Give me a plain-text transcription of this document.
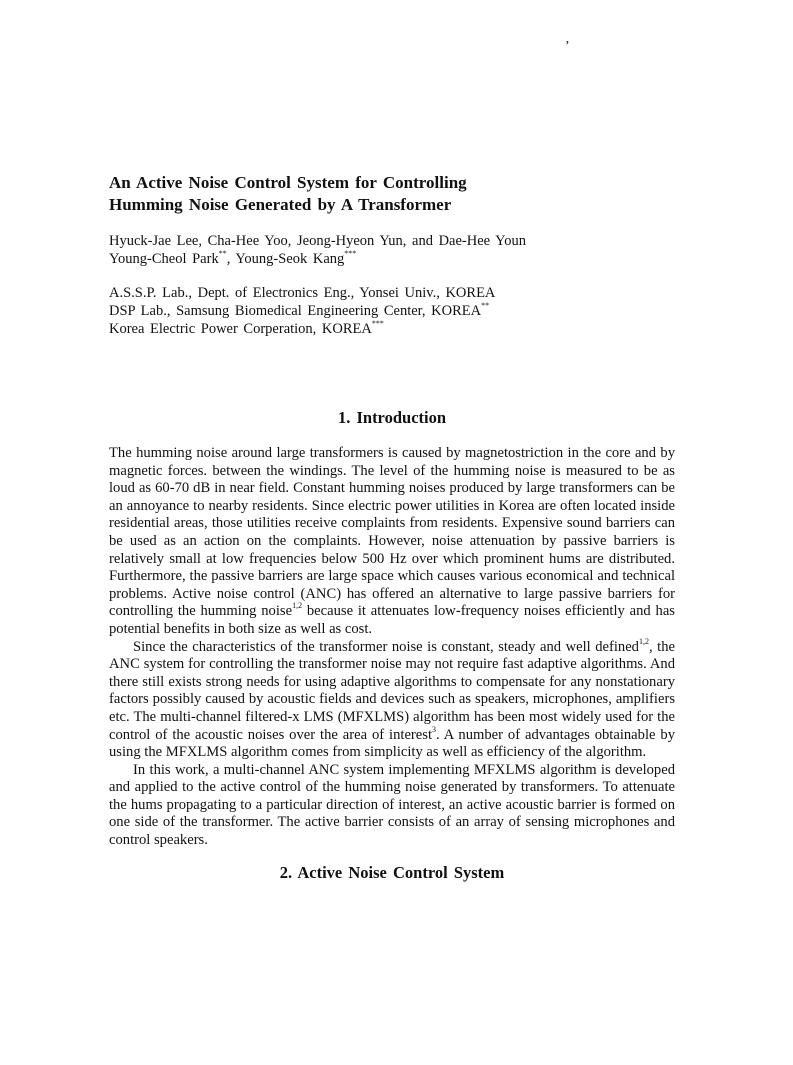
’

An Active Noise Control System for Controlling

Humming Noise Generated by A Transformer

Hyuck-Jae Lee, Cha-Hee Yoo, Jeong-Hyeon Yun, and Dae-Hee Youn
Young-Cheol Park**, Young-Seok Kang***
A.S.S.P. Lab., Dept. of Electronics Eng., Yonsei Univ., KOREA
DSP Lab., Samsung Biomedical Engineering Center, KOREA**
Korea Electric Power Corperation, KOREA***
1. Introduction

The humming noise around large transformers is caused by magnetostriction in the core and by magnetic forces. between the windings. The level of the humming noise is measured to be as loud as 60-70 dB in near field. Constant humming noises produced by large transformers can be an annoyance to nearby residents. Since electric power utilities in Korea are often located inside residential areas, those utilities receive complaints from residents. Expensive sound barriers can be used as an action on the complaints. However, noise attenuation by passive barriers is relatively small at low frequencies below 500 Hz over which prominent hums are distributed. Furthermore, the passive barriers are large space which causes various economical and technical problems. Active noise control (ANC) has offered an alternative to large passive barriers for controlling the humming noise$^{1,2}$ because it attenuates low-frequency noises efficiently and has potential benefits in both size as well as cost.

Since the characteristics of the transformer noise is constant, steady and well defined$^{1,2}$, the ANC system for controlling the transformer noise may not require fast adaptive algorithms. And there still exists strong needs for using adaptive algorithms to compensate for any nonstationary factors possibly caused by acoustic fields and devices such as speakers, microphones, amplifiers etc. The multi-channel filtered-x LMS (MFXLMS) algorithm has been most widely used for the control of the acoustic noises over the area of interest$^3$. A number of advantages obtainable by using the MFXLMS algorithm comes from simplicity as well as efficiency of the algorithm.

In this work, a multi-channel ANC system implementing MFXLMS algorithm is developed and applied to the active control of the humming noise generated by transformers. To attenuate the hums propagating to a particular direction of interest, an active acoustic barrier is formed on one side of the transformer. The active barrier consists of an array of sensing microphones and control speakers.

2. Active Noise Control System
